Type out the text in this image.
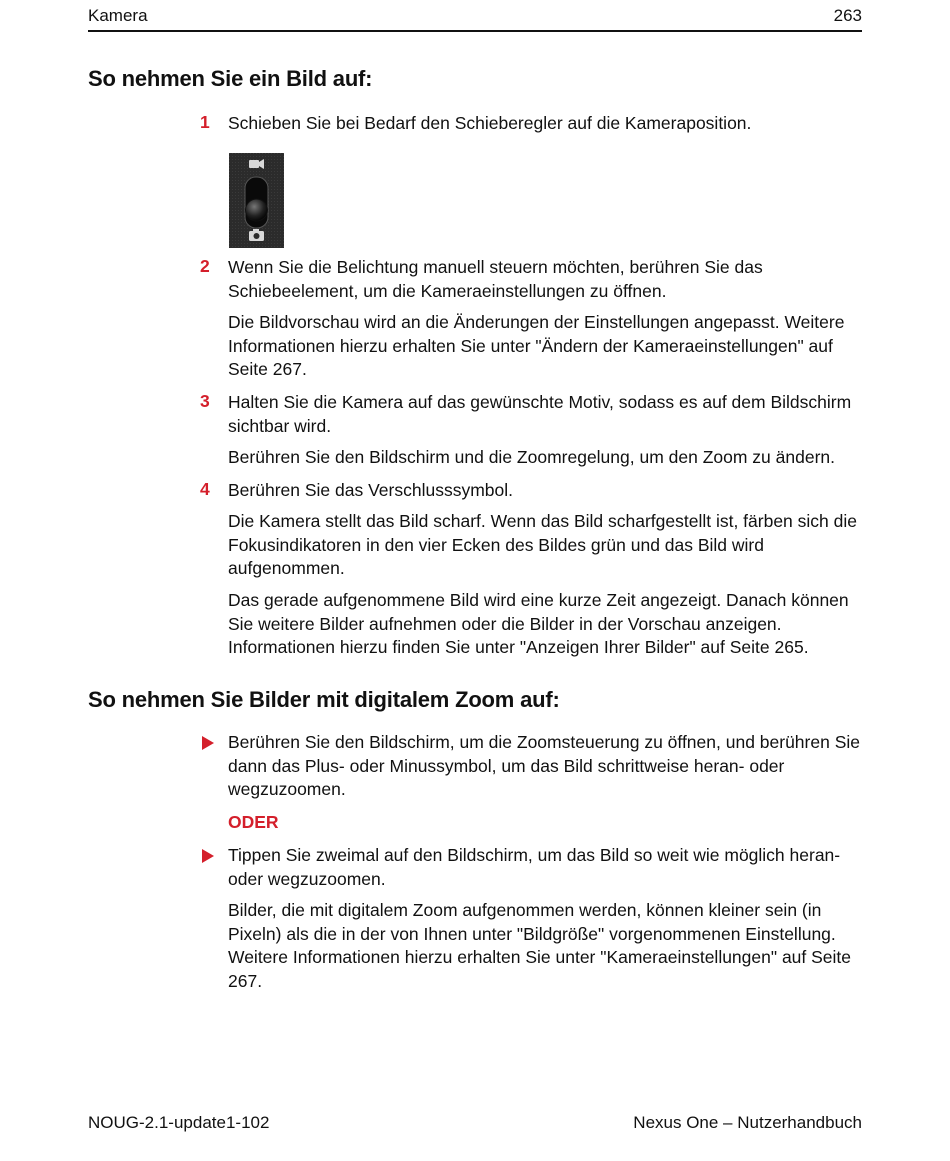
Kamera	263
So nehmen Sie ein Bild auf:
1 Schieben Sie bei Bedarf den Schieberegler auf die Kameraposition.
2 Wenn Sie die Belichtung manuell steuern möchten, berühren Sie das Schiebeelement, um die Kameraeinstellungen zu öffnen.
Die Bildvorschau wird an die Änderungen der Einstellungen angepasst. Weitere Informationen hierzu erhalten Sie unter "Ändern der Kameraeinstellungen" auf Seite 267.
3 Halten Sie die Kamera auf das gewünschte Motiv, sodass es auf dem Bildschirm sichtbar wird.
Berühren Sie den Bildschirm und die Zoomregelung, um den Zoom zu ändern.
4 Berühren Sie das Verschlusssymbol.
Die Kamera stellt das Bild scharf. Wenn das Bild scharfgestellt ist, färben sich die Fokusindikatoren in den vier Ecken des Bildes grün und das Bild wird aufgenommen.
Das gerade aufgenommene Bild wird eine kurze Zeit angezeigt. Danach können Sie weitere Bilder aufnehmen oder die Bilder in der Vorschau anzeigen. Informationen hierzu finden Sie unter "Anzeigen Ihrer Bilder" auf Seite 265.
So nehmen Sie Bilder mit digitalem Zoom auf:
Berühren Sie den Bildschirm, um die Zoomsteuerung zu öffnen, und berühren Sie dann das Plus- oder Minussymbol, um das Bild schrittweise heran- oder wegzuzoomen.
ODER
Tippen Sie zweimal auf den Bildschirm, um das Bild so weit wie möglich heran- oder wegzuzoomen.
Bilder, die mit digitalem Zoom aufgenommen werden, können kleiner sein (in Pixeln) als die in der von Ihnen unter "Bildgröße" vorgenommenen Einstellung. Weitere Informationen hierzu erhalten Sie unter "Kameraeinstellungen" auf Seite 267.
NOUG-2.1-update1-102	Nexus One – Nutzerhandbuch
